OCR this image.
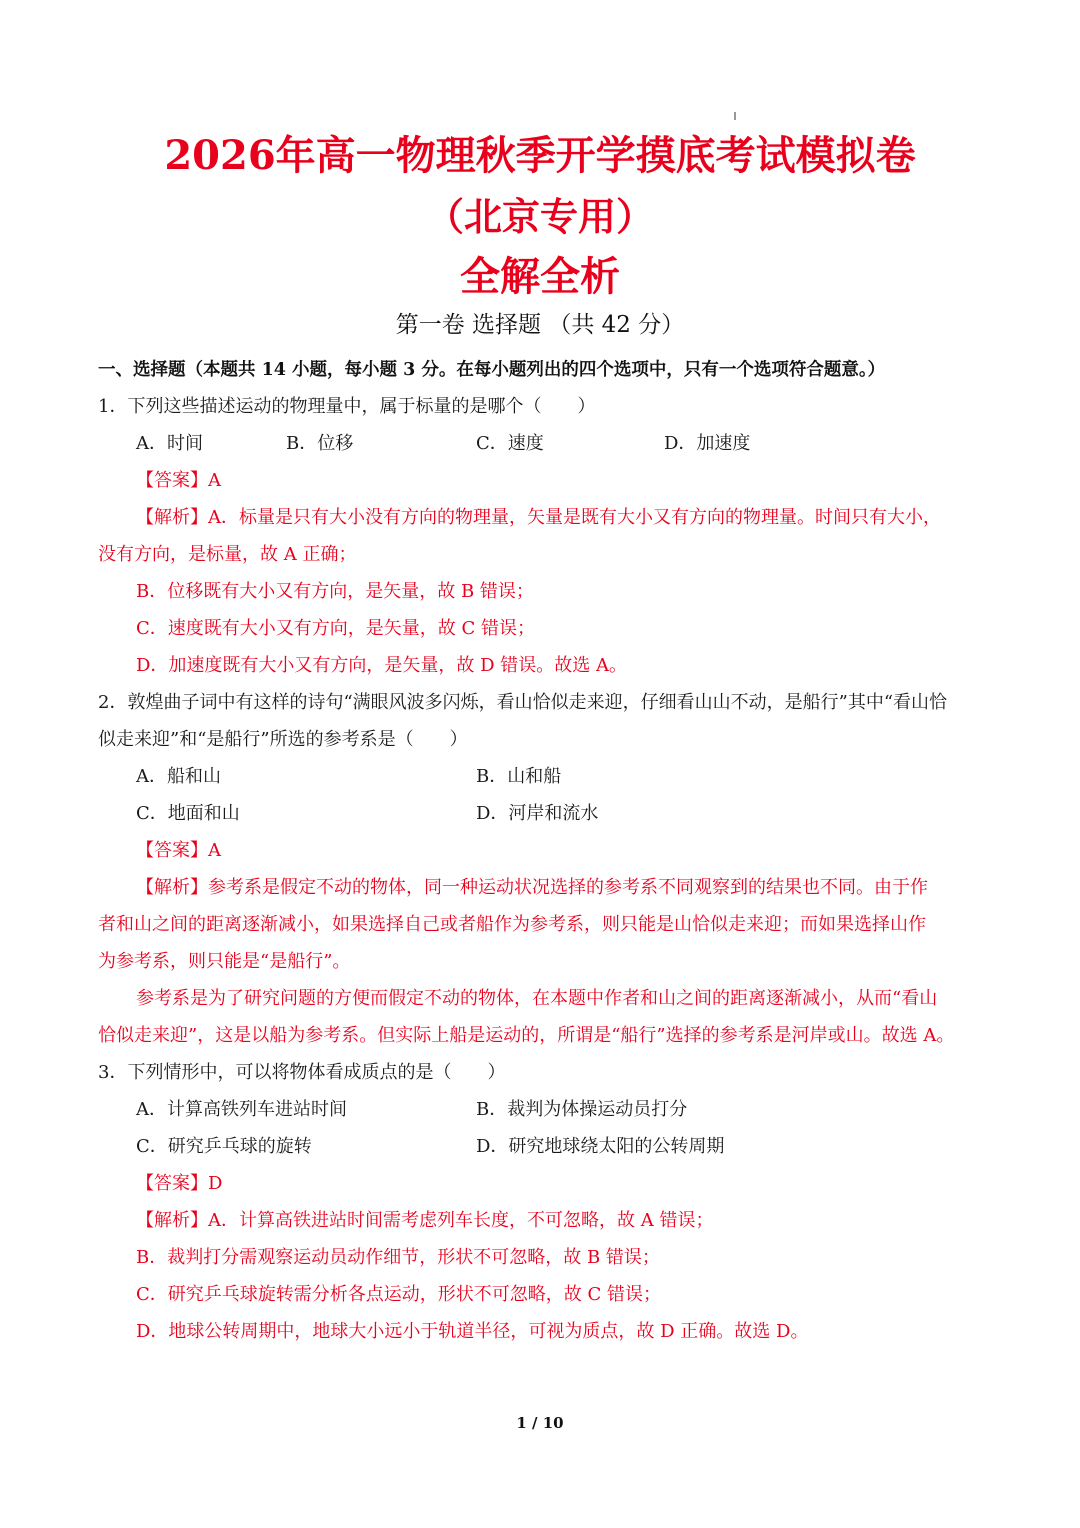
2026年高一物理秋季开学摸底考试模拟卷
（北京专用）
全解全析
第一卷 选择题 （共 42 分）
一、选择题（本题共 14 小题，每小题 3 分。在每小题列出的四个选项中，只有一个选项符合题意。）
1．下列这些描述运动的物理量中，属于标量的是哪个（　　）
A．时间	B．位移	C．速度	D．加速度
【答案】A
【解析】A．标量是只有大小没有方向的物理量，矢量是既有大小又有方向的物理量。时间只有大小，
没有方向，是标量，故 A 正确；
B．位移既有大小又有方向，是矢量，故 B 错误；
C．速度既有大小又有方向，是矢量，故 C 错误；
D．加速度既有大小又有方向，是矢量，故 D 错误。故选 A。
2．敦煌曲子词中有这样的诗句“满眼风波多闪烁，看山恰似走来迎，仔细看山山不动，是船行”其中“看山恰
似走来迎”和“是船行”所选的参考系是（　　）
A．船和山	B．山和船
C．地面和山	D．河岸和流水
【答案】A
【解析】参考系是假定不动的物体，同一种运动状况选择的参考系不同观察到的结果也不同。由于作
者和山之间的距离逐渐减小，如果选择自己或者船作为参考系，则只能是山恰似走来迎；而如果选择山作
为参考系，则只能是“是船行”。
参考系是为了研究问题的方便而假定不动的物体，在本题中作者和山之间的距离逐渐减小，从而“看山
恰似走来迎”，这是以船为参考系。但实际上船是运动的，所谓是“船行”选择的参考系是河岸或山。故选 A。
3．下列情形中，可以将物体看成质点的是（　　）
A．计算高铁列车进站时间	B．裁判为体操运动员打分
C．研究乒乓球的旋转	D．研究地球绕太阳的公转周期
【答案】D
【解析】A．计算高铁进站时间需考虑列车长度，不可忽略，故 A 错误；
B．裁判打分需观察运动员动作细节，形状不可忽略，故 B 错误；
C．研究乒乓球旋转需分析各点运动，形状不可忽略，故 C 错误；
D．地球公转周期中，地球大小远小于轨道半径，可视为质点，故 D 正确。故选 D。
1 / 10
